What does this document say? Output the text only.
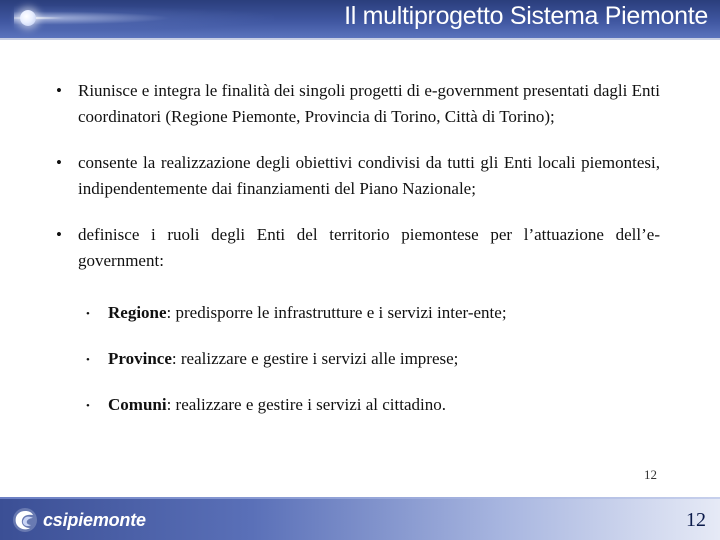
Il multiprogetto Sistema Piemonte
• Riunisce e integra le finalità dei singoli progetti di e-government presentati dagli Enti coordinatori (Regione Piemonte, Provincia di Torino, Città di Torino);
• consente la realizzazione degli obiettivi condivisi da tutti gli Enti locali piemontesi, indipendentemente dai finanziamenti del Piano Nazionale;
• definisce i ruoli degli Enti del territorio piemontese per l’attuazione dell’e-government:
• Regione: predisporre le infrastrutture e i servizi inter-ente;
• Province: realizzare e gestire i servizi alle imprese;
• Comuni: realizzare e gestire i servizi al cittadino.
12
csipiemonte	12
